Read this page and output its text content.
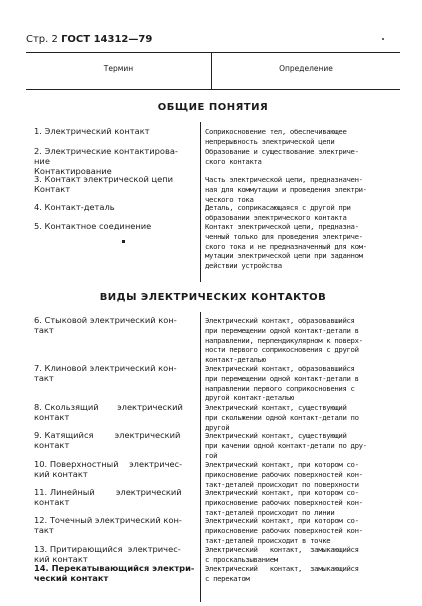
Стр. 2 ГОСТ 14312—79
Термин	Определение
ОБЩИЕ ПОНЯТИЯ
1. Электрический контакт
2. Электрические контактирова-
ние
Контактирование
3. Контакт электрической цепи
Контакт
4. Контакт-деталь
5. Контактное соединение
Соприкосновение тел, обеспечивающее
непрерывность электрической цепи
Образование и существование электриче-
ского контакта
Часть электрической цепи, предназначен-
ная для коммутации и проведения электри-
ческого тока
Деталь, соприкасающаяся с другой при
образовании электрического контакта
Контакт электрической цепи, предназна-
ченный только для проведения электриче-
ского тока и не предназначенный для ком-
мутации электрической цепи при заданном
действии устройства
ВИДЫ ЭЛЕКТРИЧЕСКИХ КОНТАКТОВ
6. Стыковой электрический кон-
такт
7. Клиновой электрический кон-
такт
8. Скользящий       электрический
контакт
9. Катящийся        электрический
контакт
10. Поверхностный    электричес-
кий контакт
11. Линейный        электрический
контакт
12. Точечный электрический кон-
такт
13. Притирающийся  электричес-
кий контакт
14. Перекатывающийся электри-
ческий контакт
Электрический контакт, образовавшийся
при перемещении одной контакт-детали в
направлении, перпендикулярном к поверх-
ности первого соприкосновения с другой
контакт-деталью
Электрический контакт, образовавшийся
при перемещении одной контакт-детали в
направлении первого соприкосновения с
другой контакт-деталью
Электрический контакт, существующий
при скольжении одной контакт-детали по
другой
Электрический контакт, существующий
при качении одной контакт-детали по дру-
гой
Электрический контакт, при котором со-
прикосновение рабочих поверхностей кон-
такт-деталей происходит по поверхности
Электрический контакт, при котором со-
прикосновение рабочих поверхностей кон-
такт-деталей происходит по линии
Электрический контакт, при котором со-
прикосновение рабочих поверхностей кон-
такт-деталей происходит в точке
Электрический   контакт,  замыкающийся
с проскальзыванием
Электрический   контакт,  замыкающийся
с перекатом
